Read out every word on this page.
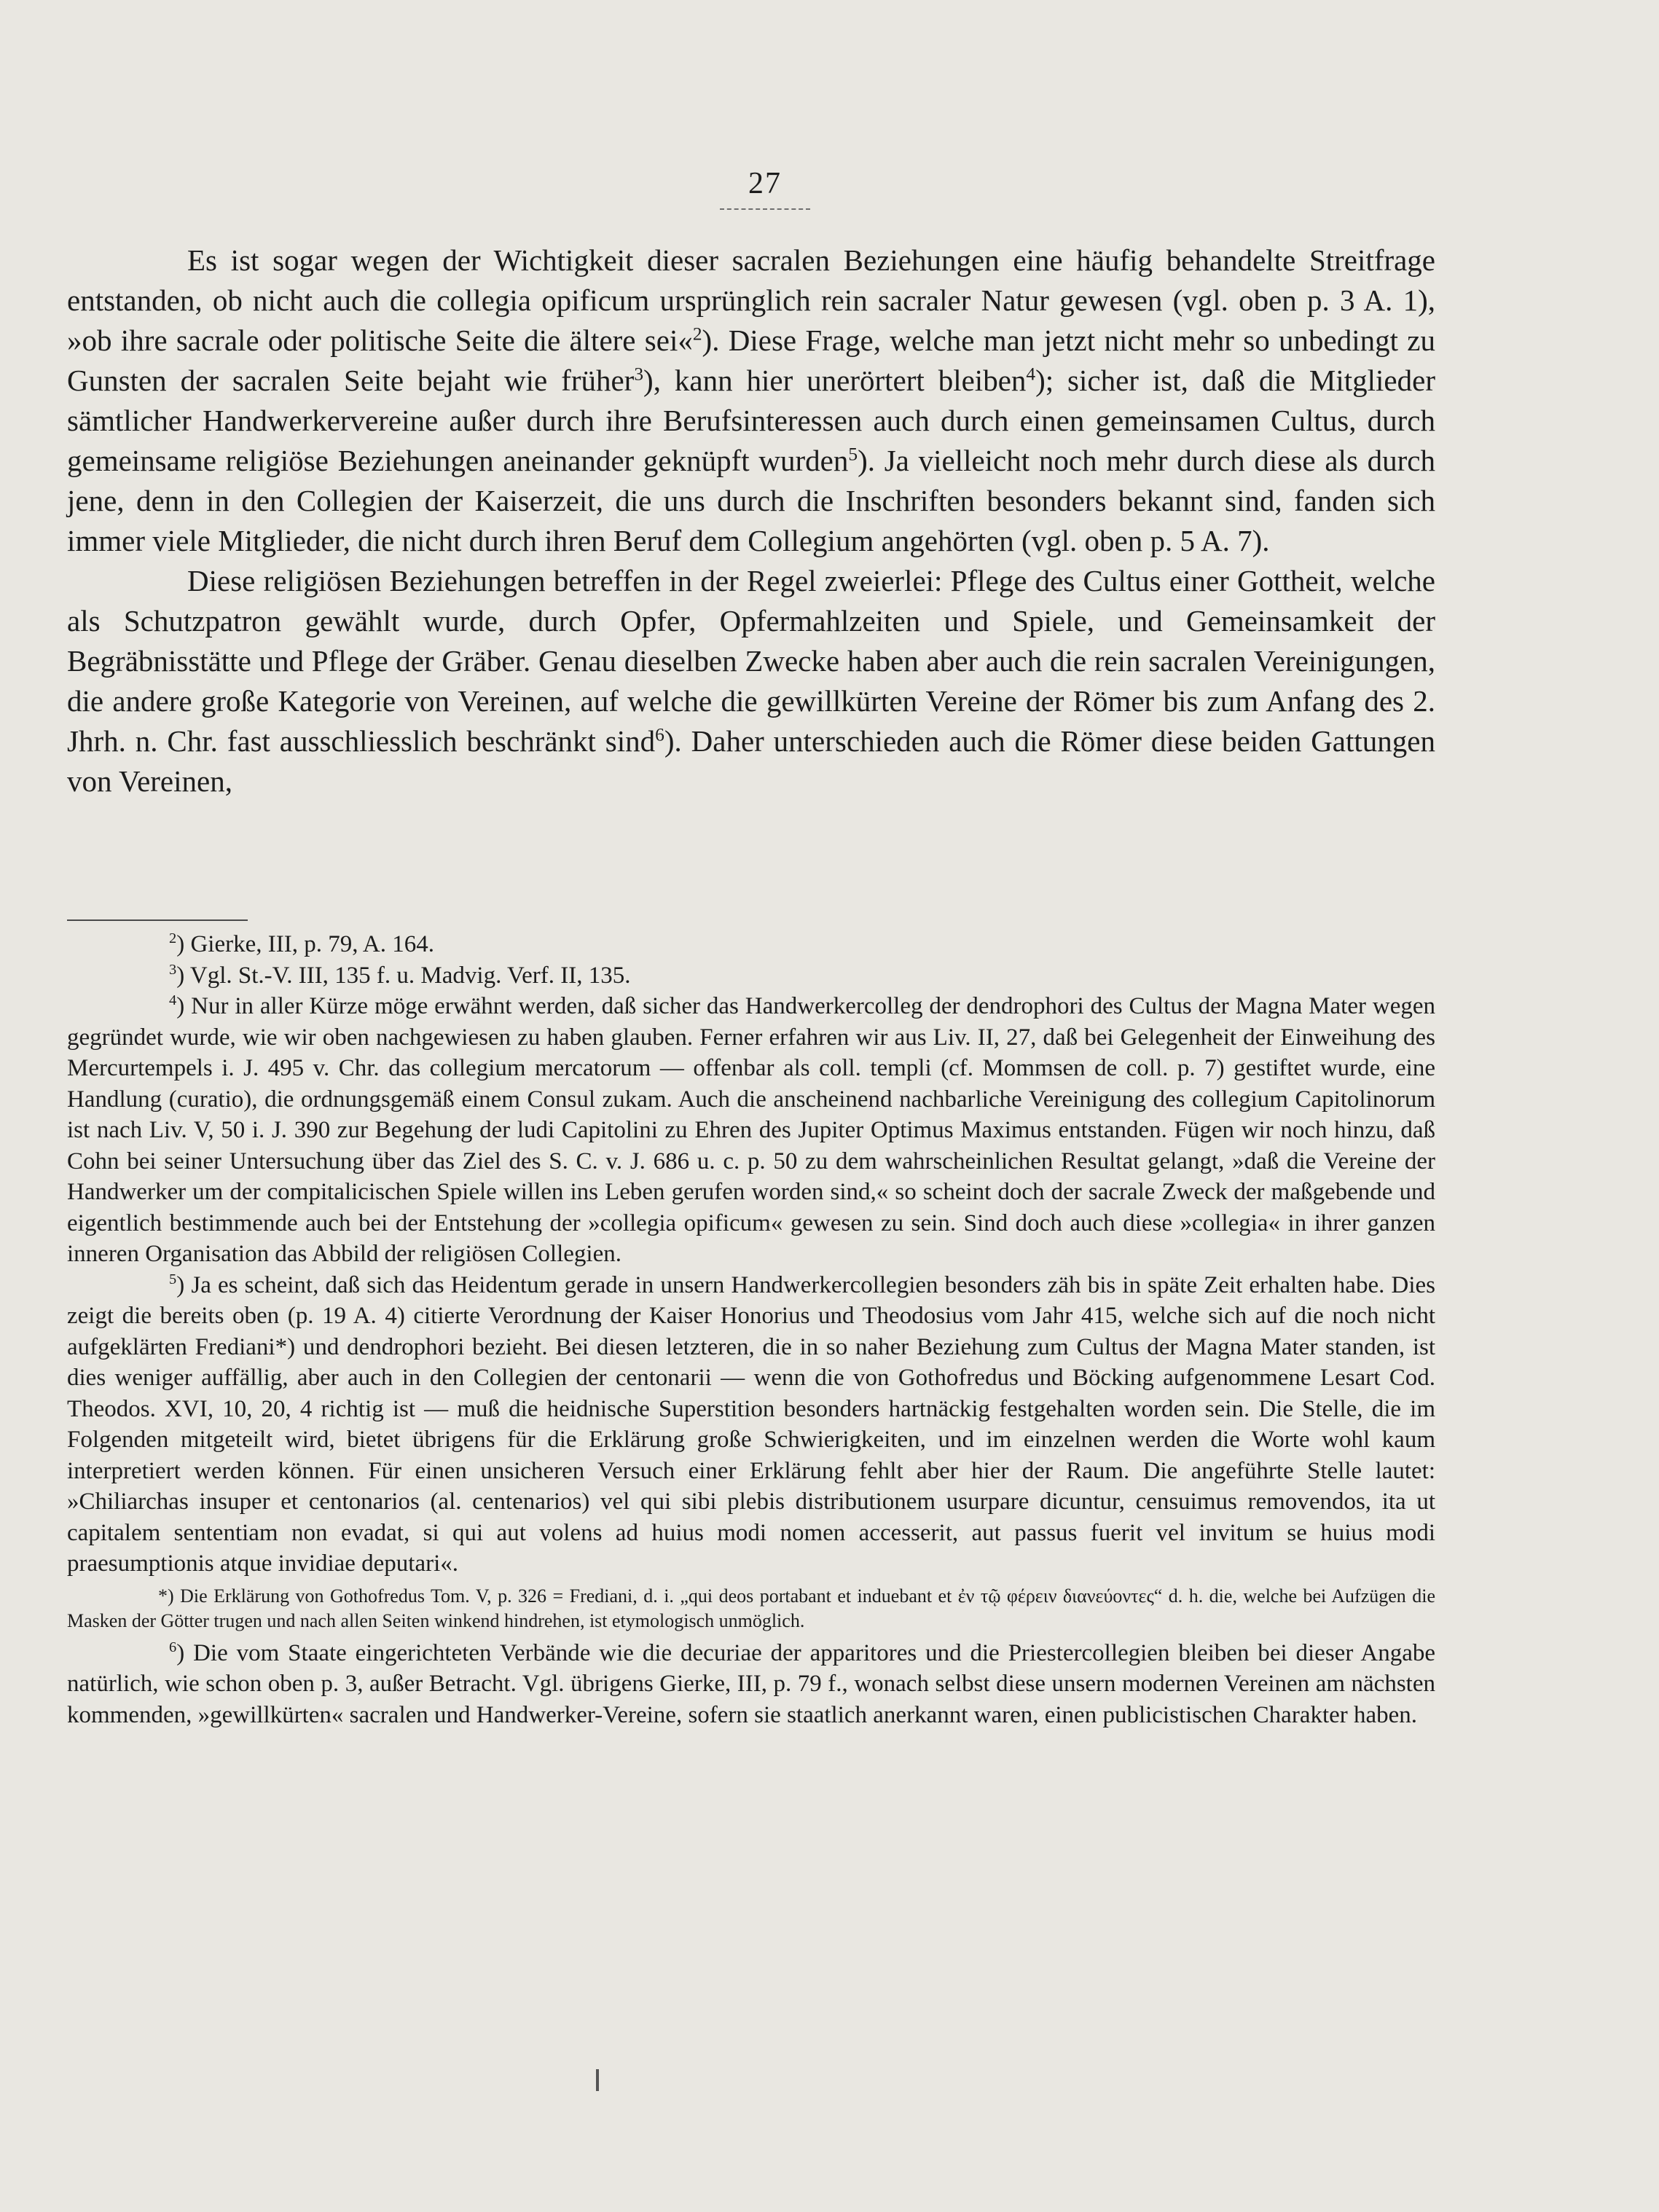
27

Es ist sogar wegen der Wichtigkeit dieser sacralen Beziehungen eine häufig behandelte Streitfrage entstanden, ob nicht auch die collegia opificum ursprünglich rein sacraler Natur gewesen (vgl. oben p. 3 A. 1), »ob ihre sacrale oder politische Seite die ältere sei«$^2$). Diese Frage, welche man jetzt nicht mehr so unbedingt zu Gunsten der sacralen Seite bejaht wie früher$^3$), kann hier unerörtert bleiben$^4$); sicher ist, daß die Mitglieder sämtlicher Handwerkervereine außer durch ihre Berufsinteressen auch durch einen gemeinsamen Cultus, durch gemeinsame religiöse Beziehungen aneinander geknüpft wurden$^5$). Ja vielleicht noch mehr durch diese als durch jene, denn in den Collegien der Kaiserzeit, die uns durch die Inschriften besonders bekannt sind, fanden sich immer viele Mitglieder, die nicht durch ihren Beruf dem Collegium angehörten (vgl. oben p. 5 A. 7).

Diese religiösen Beziehungen betreffen in der Regel zweierlei: Pflege des Cultus einer Gottheit, welche als Schutzpatron gewählt wurde, durch Opfer, Opfermahlzeiten und Spiele, und Gemeinsamkeit der Begräbnisstätte und Pflege der Gräber. Genau dieselben Zwecke haben aber auch die rein sacralen Vereinigungen, die andere große Kategorie von Vereinen, auf welche die gewillkürten Vereine der Römer bis zum Anfang des 2. Jhrh. n. Chr. fast ausschliesslich beschränkt sind$^6$). Daher unterschieden auch die Römer diese beiden Gattungen von Vereinen,

$^2$) Gierke, III, p. 79, A. 164.

$^3$) Vgl. St.-V. III, 135 f. u. Madvig. Verf. II, 135.

$^4$) Nur in aller Kürze möge erwähnt werden, daß sicher das Handwerkercolleg der dendrophori des Cultus der Magna Mater wegen gegründet wurde, wie wir oben nachgewiesen zu haben glauben. Ferner erfahren wir aus Liv. II, 27, daß bei Gelegenheit der Einweihung des Mercurtempels i. J. 495 v. Chr. das collegium mercatorum — offenbar als coll. templi (cf. Mommsen de coll. p. 7) gestiftet wurde, eine Handlung (curatio), die ordnungsgemäß einem Consul zukam. Auch die anscheinend nachbarliche Vereinigung des collegium Capitolinorum ist nach Liv. V, 50 i. J. 390 zur Begehung der ludi Capitolini zu Ehren des Jupiter Optimus Maximus entstanden. Fügen wir noch hinzu, daß Cohn bei seiner Untersuchung über das Ziel des S. C. v. J. 686 u. c. p. 50 zu dem wahrscheinlichen Resultat gelangt, »daß die Vereine der Handwerker um der compitalicischen Spiele willen ins Leben gerufen worden sind,« so scheint doch der sacrale Zweck der maßgebende und eigentlich bestimmende auch bei der Entstehung der »collegia opificum« gewesen zu sein. Sind doch auch diese »collegia« in ihrer ganzen inneren Organisation das Abbild der religiösen Collegien.

$^5$) Ja es scheint, daß sich das Heidentum gerade in unsern Handwerkercollegien besonders zäh bis in späte Zeit erhalten habe. Dies zeigt die bereits oben (p. 19 A. 4) citierte Verordnung der Kaiser Honorius und Theodosius vom Jahr 415, welche sich auf die noch nicht aufgeklärten Frediani*) und dendrophori bezieht. Bei diesen letzteren, die in so naher Beziehung zum Cultus der Magna Mater standen, ist dies weniger auffällig, aber auch in den Collegien der centonarii — wenn die von Gothofredus und Böcking aufgenommene Lesart Cod. Theodos. XVI, 10, 20, 4 richtig ist — muß die heidnische Superstition besonders hartnäckig festgehalten worden sein. Die Stelle, die im Folgenden mitgeteilt wird, bietet übrigens für die Erklärung große Schwierigkeiten, und im einzelnen werden die Worte wohl kaum interpretiert werden können. Für einen unsicheren Versuch einer Erklärung fehlt aber hier der Raum. Die angeführte Stelle lautet: »Chiliarchas insuper et centonarios (al. centenarios) vel qui sibi plebis distributionem usurpare dicuntur, censuimus removendos, ita ut capitalem sententiam non evadat, si qui aut volens ad huius modi nomen accesserit, aut passus fuerit vel invitum se huius modi praesumptionis atque invidiae deputari«.

*) Die Erklärung von Gothofredus Tom. V, p. 326 = Frediani, d. i. „qui deos portabant et induebant et ἐν τῷ φέρειν διανεύοντες“ d. h. die, welche bei Aufzügen die Masken der Götter trugen und nach allen Seiten winkend hindrehen, ist etymologisch unmöglich.

$^6$) Die vom Staate eingerichteten Verbände wie die decuriae der apparitores und die Priestercollegien bleiben bei dieser Angabe natürlich, wie schon oben p. 3, außer Betracht. Vgl. übrigens Gierke, III, p. 79 f., wonach selbst diese unsern modernen Vereinen am nächsten kommenden, »gewillkürten« sacralen und Handwerker-Vereine, sofern sie staatlich anerkannt waren, einen publicistischen Charakter haben.
